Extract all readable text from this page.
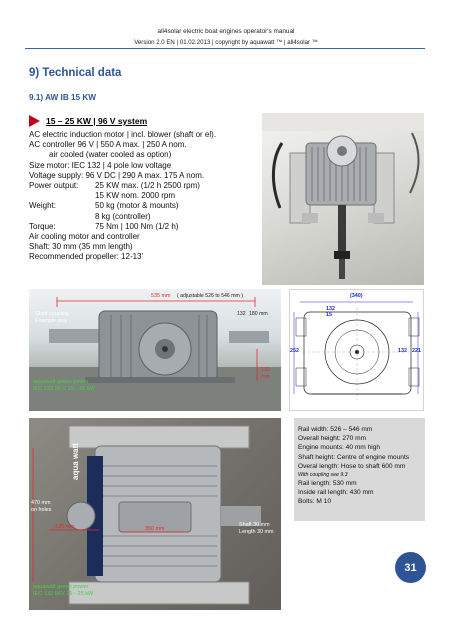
all4solar electric boat engines operator's manual
Version 2.0 EN | 01.02.2013 | copyright by aquawatt ™ | all4solar ™
9) Technical data
9.1) AW IB 15 KW
15 – 25 KW | 96 V system
AC electric induction motor | incl. blower (shaft or el).
AC controller 96 V | 550 A max. | 250 A nom.
air cooled (water cooled as option)
Size motor: IEC 132 | 4 pole low voltage
Voltage supply: 96 V DC | 290 A max. 175 A nom.
Power output:	25 KW max. (1/2 h 2500 rpm)
15 KW nom. 2000 rpm
Weight:	50 kg (motor & mounts)
8 kg (controller)
Torque:	75 Nm | 100 Nm (1/2 h)
Air cooling motor and controller
Shaft: 30 mm (35 mm length)
Recommended propeller: 12-13'
Shaft coupling
Example only
535 mm ( adjustable 526 to 546 mm )
132 180 mm
132
mm
aquawatt green power
IEC 132 96 V 15 - 25 kW
(340)
132
15
252	221
132
aqua watt
470 mm
on holes
125 mm	350 mm
Shaft 30 mm
Length 30 mm
aquawatt green power
IEC 132 96V 15 - 25 kW
Rail width: 526 – 546 mm
Overall height: 270 mm
Engine mounts: 40 mm high
Shaft height: Centre of engine mounts
Overal length: Hose to shaft 600 mm
With coupling see 9.3
Rail length: 530 mm
Inside rail length: 430 mm
Bolts: M 10
31
